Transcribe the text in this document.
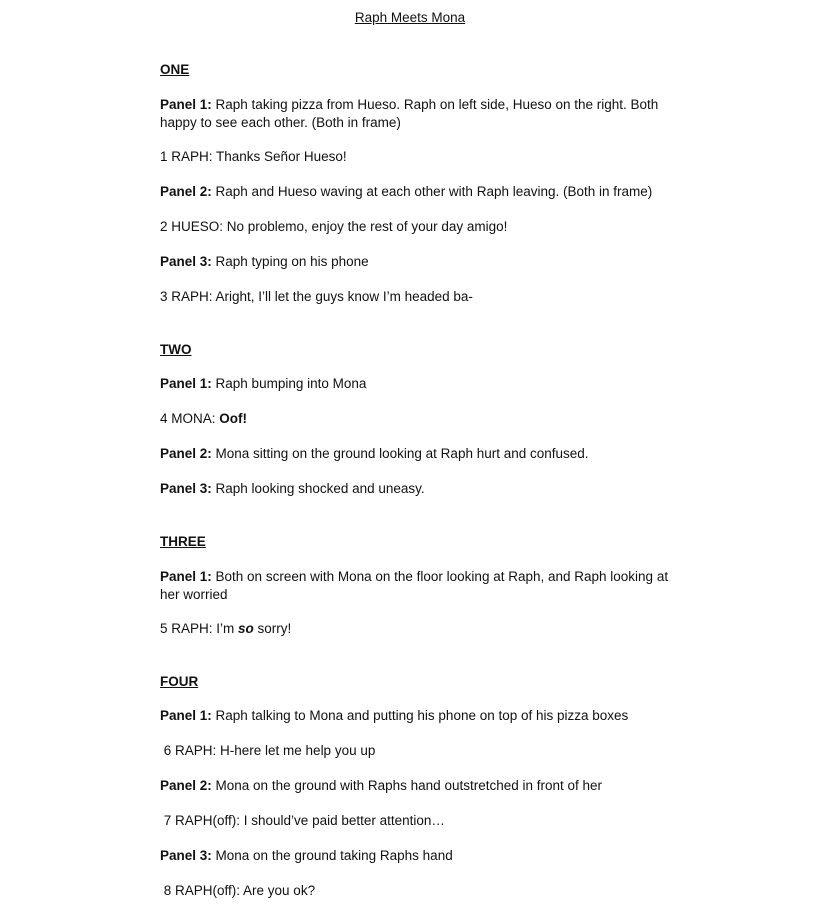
Raph Meets Mona
ONE
Panel 1: Raph taking pizza from Hueso. Raph on left side, Hueso on the right. Both happy to see each other. (Both in frame)
1 RAPH: Thanks Señor Hueso!
Panel 2: Raph and Hueso waving at each other with Raph leaving. (Both in frame)
2 HUESO: No problemo, enjoy the rest of your day amigo!
Panel 3: Raph typing on his phone
3 RAPH: Aright, I’ll let the guys know I’m headed ba-
TWO
Panel 1: Raph bumping into Mona
4 MONA: Oof!
Panel 2: Mona sitting on the ground looking at Raph hurt and confused.
Panel 3: Raph looking shocked and uneasy.
THREE
Panel 1: Both on screen with Mona on the floor looking at Raph, and Raph looking at her worried
5 RAPH: I’m so sorry!
FOUR
Panel 1: Raph talking to Mona and putting his phone on top of his pizza boxes
6 RAPH: H-here let me help you up
Panel 2: Mona on the ground with Raphs hand outstretched in front of her
7 RAPH(off): I should’ve paid better attention…
Panel 3: Mona on the ground taking Raphs hand
8 RAPH(off): Are you ok?
